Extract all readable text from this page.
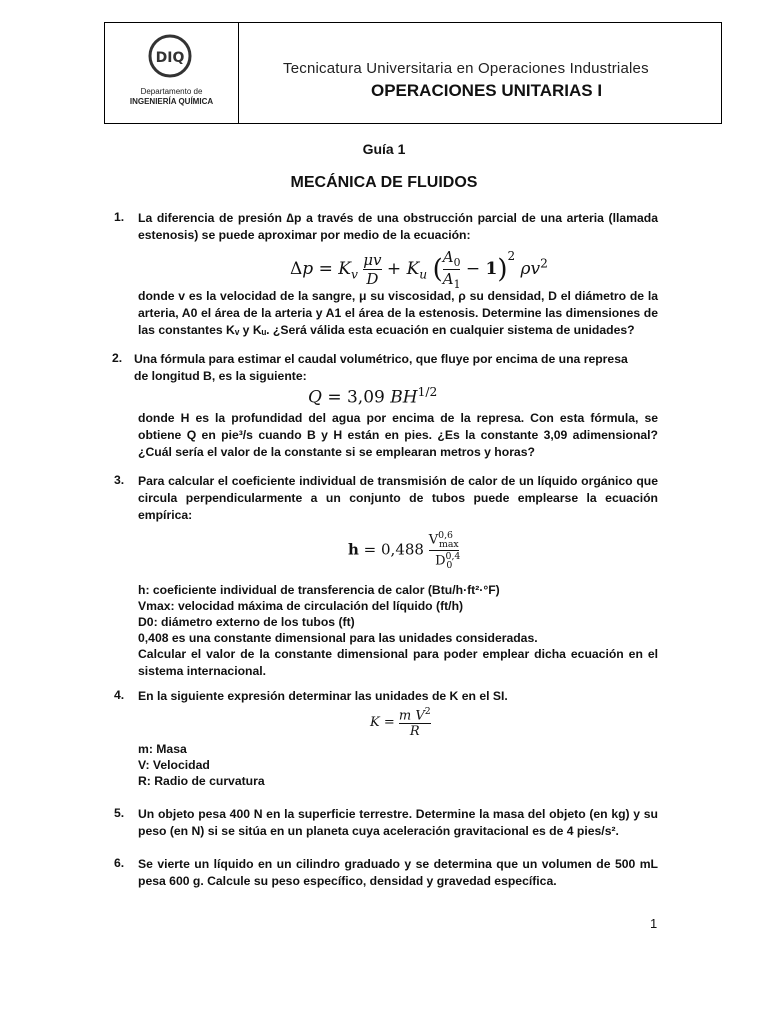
DIQ
Departamento de
INGENIERÍA QUÍMICA
Tecnicatura Universitaria en Operaciones Industriales
OPERACIONES UNITARIAS I
Guía 1
MECÁNICA DE FLUIDOS
1. La diferencia de presión ∆p a través de una obstrucción parcial de una arteria (llamada estenosis) se puede aproximar por medio de la ecuación:
$\Delta p = K_v \frac{\mu v}{D} + K_u$ ( $\frac{A_0}{A_1} - 1)^2$ $\rho v^2$
donde v es la velocidad de la sangre, μ su viscosidad, ρ su densidad, D el diámetro de la arteria, A0 el área de la arteria y A1 el área de la estenosis. Determine las dimensiones de las constantes Kᵥ y Kᵤ. ¿Será válida esta ecuación en cualquier sistema de unidades?
2. Una fórmula para estimar el caudal volumétrico, que fluye por encima de una represa de longitud B, es la siguiente:
Q = 3,09 $BH^{1/2}$
donde H es la profundidad del agua por encima de la represa. Con esta fórmula, se obtiene Q en pie³/s cuando B y H están en pies. ¿Es la constante 3,09 adimensional? ¿Cuál sería el valor de la constante si se emplearan metros y horas?
3. Para calcular el coeficiente individual de transmisión de calor de un líquido orgánico que circula perpendicularmente a un conjunto de tubos puede emplearse la ecuación empírica:
h = 0,488
V$^{0,6}_{max}$
D$^{0,4}_0$
h: coeficiente individual de transferencia de calor (Btu/h·ft²·°F)
Vmax: velocidad máxima de circulación del líquido (ft/h)
D0: diámetro externo de los tubos (ft)
0,408 es una constante dimensional para las unidades consideradas.
Calcular el valor de la constante dimensional para poder emplear dicha ecuación en el sistema internacional.
4. En la siguiente expresión determinar las unidades de K en el SI.
$K = \frac{m V^2}{R}$
m: Masa
V: Velocidad
R: Radio de curvatura
5. Un objeto pesa 400 N en la superficie terrestre. Determine la masa del objeto (en kg) y su peso (en N) si se sitúa en un planeta cuya aceleración gravitacional es de 4 pies/s².
6. Se vierte un líquido en un cilindro graduado y se determina que un volumen de 500 mL pesa 600 g. Calcule su peso específico, densidad y gravedad específica.
1
